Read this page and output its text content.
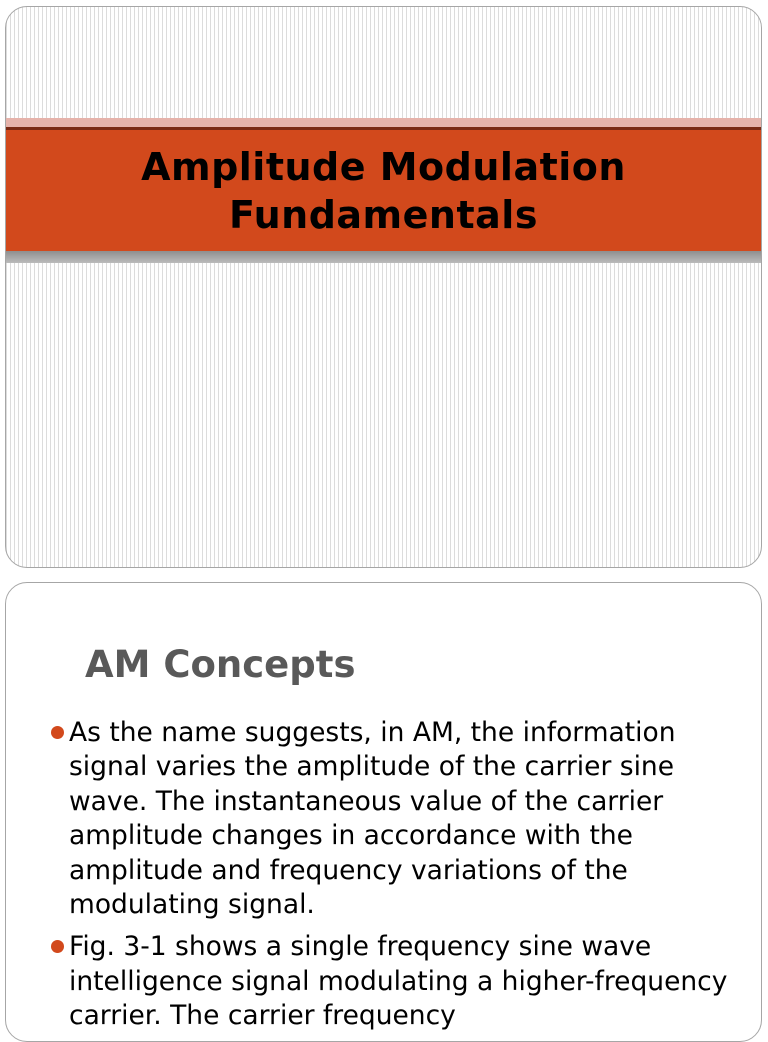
Amplitude Modulation Fundamentals
AM Concepts
As the name suggests, in AM, the information signal varies the amplitude of the carrier sine wave. The instantaneous value of the carrier amplitude changes in accordance with the amplitude and frequency variations of the modulating signal.
Fig. 3-1 shows a single frequency sine wave intelligence signal modulating a higher-frequency carrier. The carrier frequency
